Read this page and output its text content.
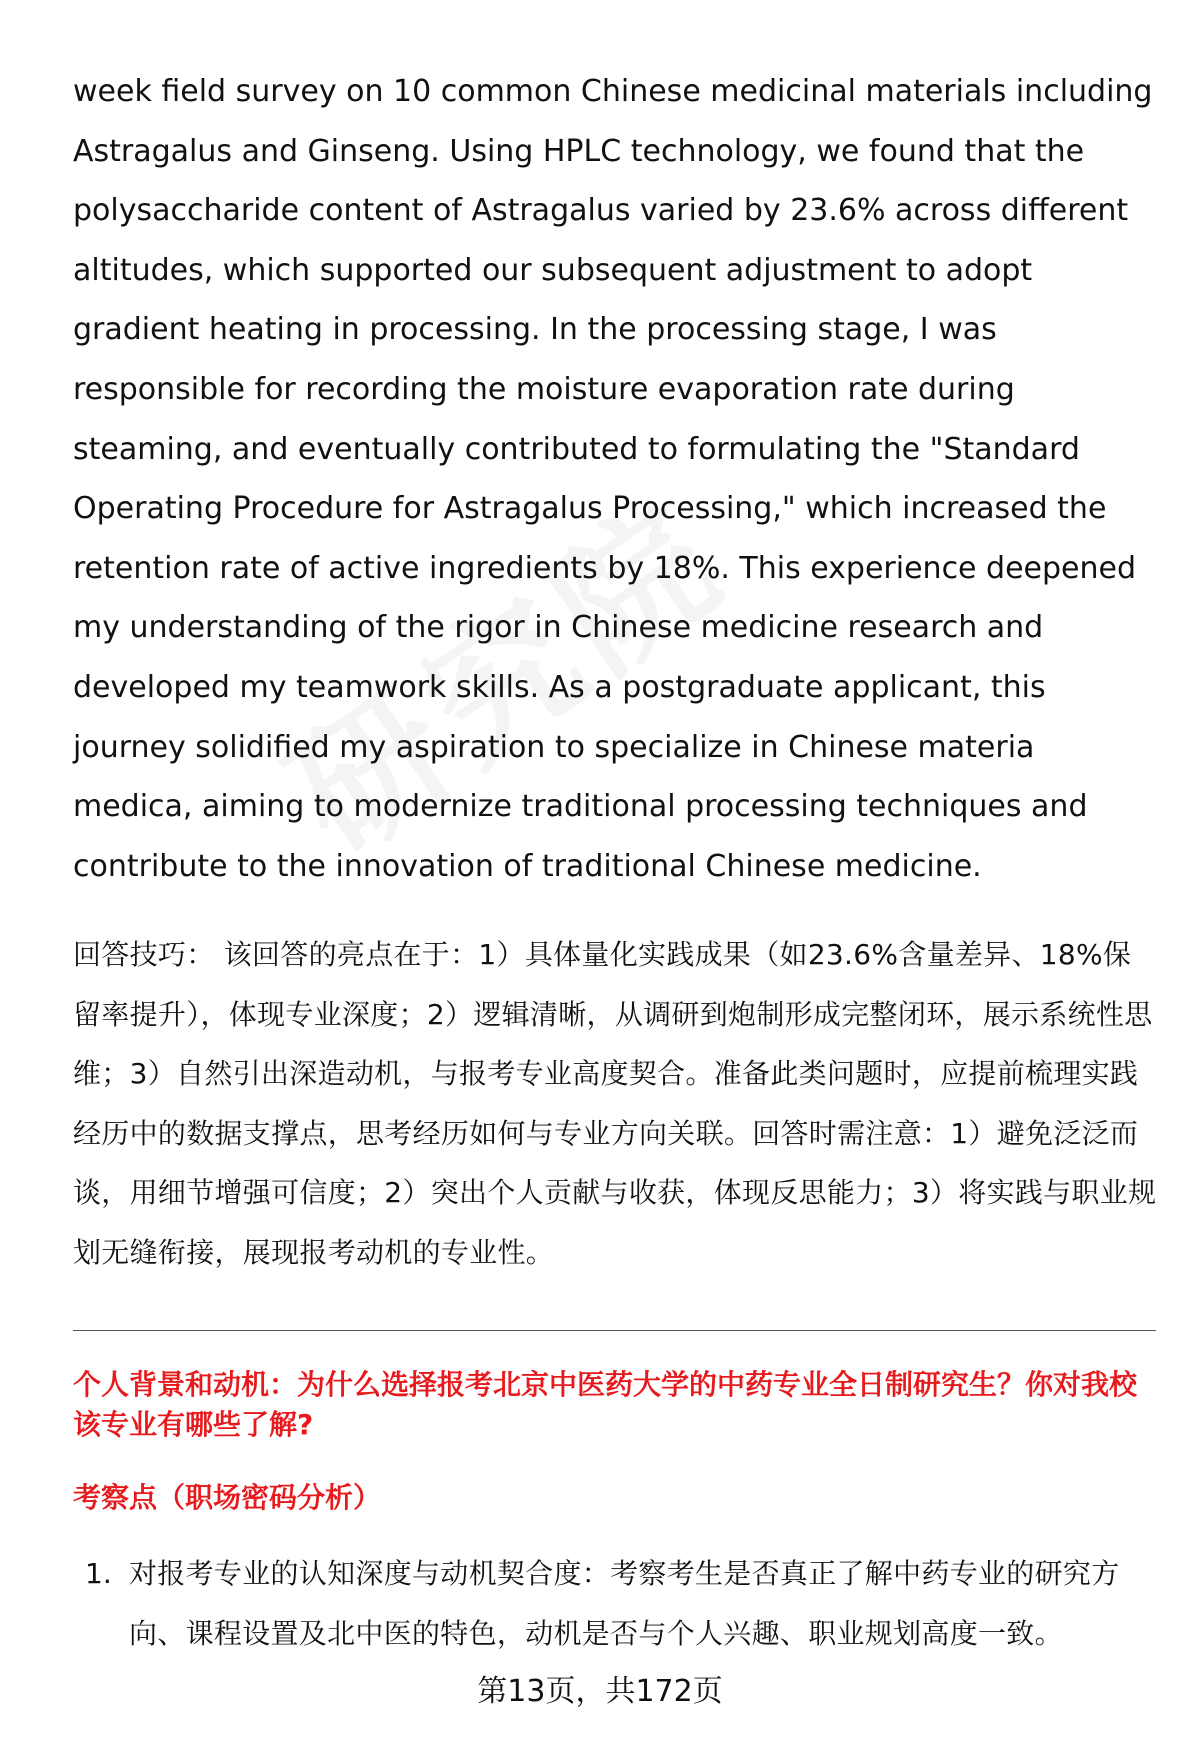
week field survey on 10 common Chinese medicinal materials including Astragalus and Ginseng. Using HPLC technology, we found that the polysaccharide content of Astragalus varied by 23.6% across different altitudes, which supported our subsequent adjustment to adopt gradient heating in processing. In the processing stage, I was responsible for recording the moisture evaporation rate during steaming, and eventually contributed to formulating the "Standard Operating Procedure for Astragalus Processing," which increased the retention rate of active ingredients by 18%. This experience deepened my understanding of the rigor in Chinese medicine research and developed my teamwork skills. As a postgraduate applicant, this journey solidified my aspiration to specialize in Chinese materia medica, aiming to modernize traditional processing techniques and contribute to the innovation of traditional Chinese medicine.

回答技巧： 该回答的亮点在于：1）具体量化实践成果（如23.6%含量差异、18%保留率提升），体现专业深度；2）逻辑清晰，从调研到炮制形成完整闭环，展示系统性思维；3）自然引出深造动机，与报考专业高度契合。准备此类问题时，应提前梳理实践经历中的数据支撑点，思考经历如何与专业方向关联。回答时需注意：1）避免泛泛而谈，用细节增强可信度；2）突出个人贡献与收获，体现反思能力；3）将实践与职业规划无缝衔接，展现报考动机的专业性。

个人背景和动机：为什么选择报考北京中医药大学的中药专业全日制研究生？你对我校该专业有哪些了解?
考察点（职场密码分析）
1. 对报考专业的认知深度与动机契合度：考察考生是否真正了解中药专业的研究方向、课程设置及北中医的特色，动机是否与个人兴趣、职业规划高度一致。
第13页，共172页
